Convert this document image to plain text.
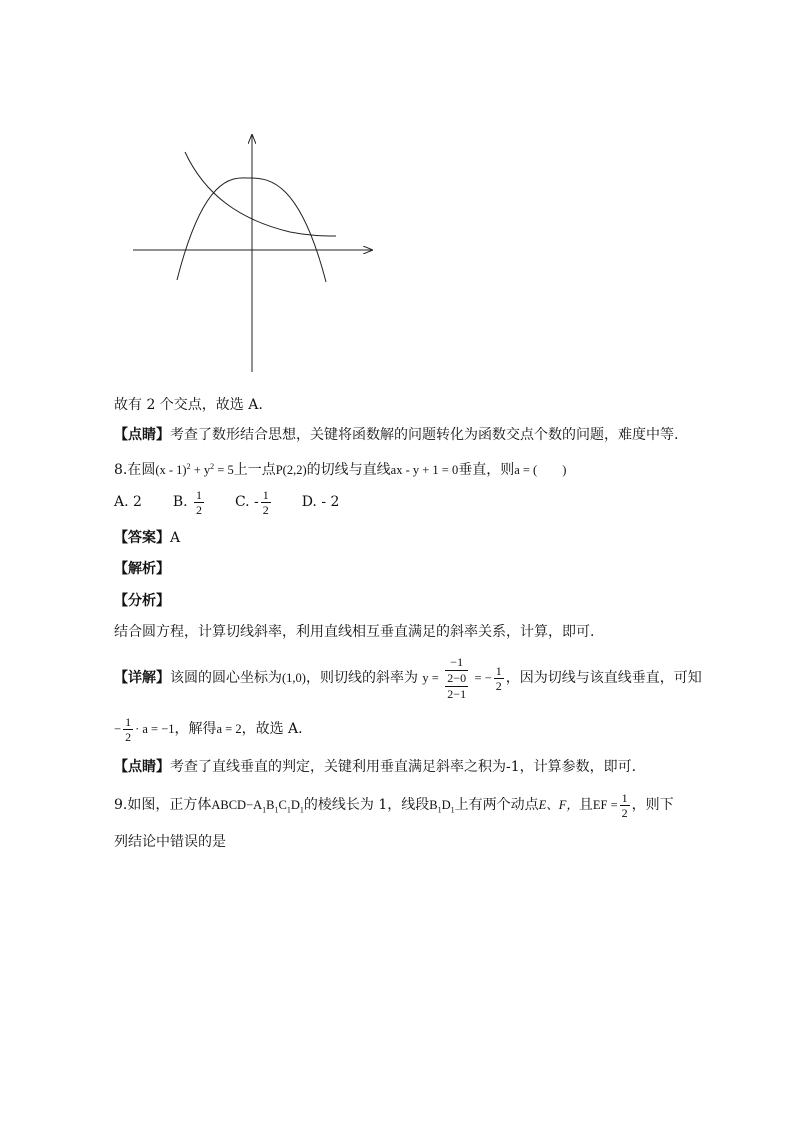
故有 2 个交点，故选 A.
【点睛】考查了数形结合思想，关键将函数解的问题转化为函数交点个数的问题，难度中等.
8.在圆$(x - 1)^2 + y^2 = 5$上一点P(2,2)的切线与直线ax - y + 1 = 0垂直，则a = (　　)
A. 2 B. $\frac{1}{2} C$. - $\frac{1}{2} D$. - 2
【答案】A
【解析】
【分析】
结合圆方程，计算切线斜率，利用直线相互垂直满足的斜率关系，计算，即可.
【详解】该圆的圆心坐标为(1,0)，则切线的斜率为 y =
−1
2−0
2−1
= − $\frac{1}{2}$ ，因为切线与该直线垂直，可知
− $\frac{1}{2} \cdot a = -1$，解得a = 2，故选 A.
【点睛】考查了直线垂直的判定，关键利用垂直满足斜率之积为-1，计算参数，即可.
9.如图，正方体$ABCD-A_1B_1C_1D_1$的棱线长为 1，线段$B_1D_1$上有两个动点E、F，且EF = $\frac{1}{2}$ ，则下
列结论中错误的是
